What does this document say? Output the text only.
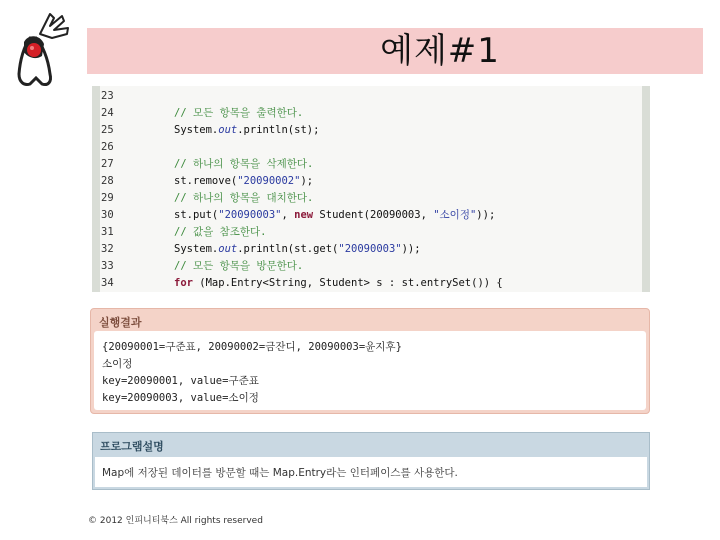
예제#1
23
24	// 모든 항목을 출력한다.
25	System.out.println(st);
26
27	// 하나의 항목을 삭제한다.
28	st.remove("20090002");
29	// 하나의 항목을 대치한다.
30	st.put("20090003", new Student(20090003, "소이정"));
31	// 값을 참조한다.
32	System.out.println(st.get("20090003"));
33	// 모든 항목을 방문한다.
34	for (Map.Entry<String, Student> s : st.entrySet()) {
실행결과
{20090001=구준표, 20090002=금잔디, 20090003=윤지후}
소이정
key=20090001, value=구준표
key=20090003, value=소이정
프로그램설명
Map에 저장된 데이터를 방문할 때는 Map.Entry라는 인터페이스를 사용한다.
© 2012 인피니티북스 All rights reserved
